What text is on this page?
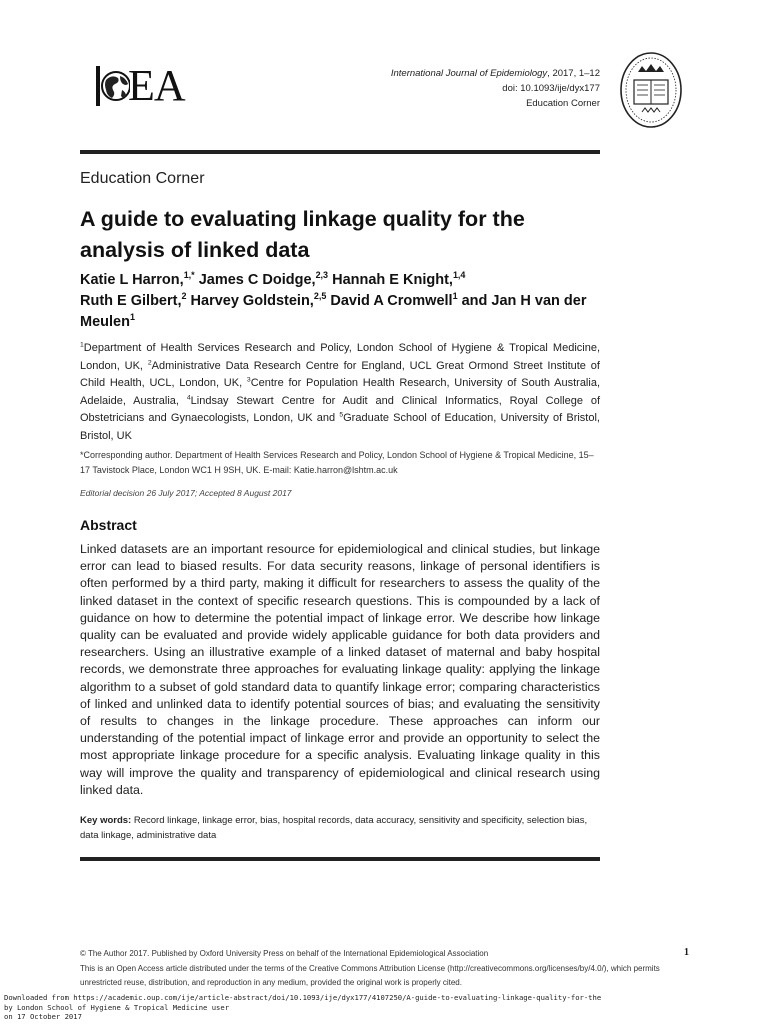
EA	International Journal of Epidemiology, 2017, 1–12
doi: 10.1093/ije/dyx177
Education Corner
Education Corner
A guide to evaluating linkage quality for the analysis of linked data
Katie L Harron,$^{1,*}$ James C Doidge,$^{2,3}$ Hannah E Knight,$^{1,4}$
Ruth E Gilbert,$^2$ Harvey Goldstein,$^{2,5}$ David A Cromwell$^1$ and Jan H van der Meulen$^1$
$^1$Department of Health Services Research and Policy, London School of Hygiene & Tropical Medicine, London, UK, $^2$Administrative Data Research Centre for England, UCL Great Ormond Street Institute of Child Health, UCL, London, UK, $^3$Centre for Population Health Research, University of South Australia, Adelaide, Australia, $^4$Lindsay Stewart Centre for Audit and Clinical Informatics, Royal College of Obstetricians and Gynaecologists, London, UK and $^5$Graduate School of Education, University of Bristol, Bristol, UK
*Corresponding author. Department of Health Services Research and Policy, London School of Hygiene & Tropical Medicine, 15–17 Tavistock Place, London WC1 H 9SH, UK. E-mail: Katie.harron@lshtm.ac.uk
Editorial decision 26 July 2017; Accepted 8 August 2017
Abstract
Linked datasets are an important resource for epidemiological and clinical studies, but linkage error can lead to biased results. For data security reasons, linkage of personal identifiers is often performed by a third party, making it difficult for researchers to assess the quality of the linked dataset in the context of specific research questions. This is compounded by a lack of guidance on how to determine the potential impact of linkage error. We describe how linkage quality can be evaluated and provide widely applicable guidance for both data providers and researchers. Using an illustrative example of a linked dataset of maternal and baby hospital records, we demonstrate three approaches for evaluating linkage quality: applying the linkage algorithm to a subset of gold standard data to quantify linkage error; comparing characteristics of linked and unlinked data to identify potential sources of bias; and evaluating the sensitivity of results to changes in the linkage procedure. These approaches can inform our understanding of the potential impact of linkage error and provide an opportunity to select the most appropriate linkage procedure for a specific analysis. Evaluating linkage quality in this way will improve the quality and transparency of epidemiological and clinical research using linked data.
Key words: Record linkage, linkage error, bias, hospital records, data accuracy, sensitivity and specificity, selection bias, data linkage, administrative data
© The Author 2017. Published by Oxford University Press on behalf of the International Epidemiological Association	1
This is an Open Access article distributed under the terms of the Creative Commons Attribution License (http://creativecommons.org/licenses/by/4.0/), which permits unrestricted reuse, distribution, and reproduction in any medium, provided the original work is properly cited.
Downloaded from https://academic.oup.com/ije/article-abstract/doi/10.1093/ije/dyx177/4107250/A-guide-to-evaluating-linkage-quality-for-the
by London School of Hygiene & Tropical Medicine user
on 17 October 2017
